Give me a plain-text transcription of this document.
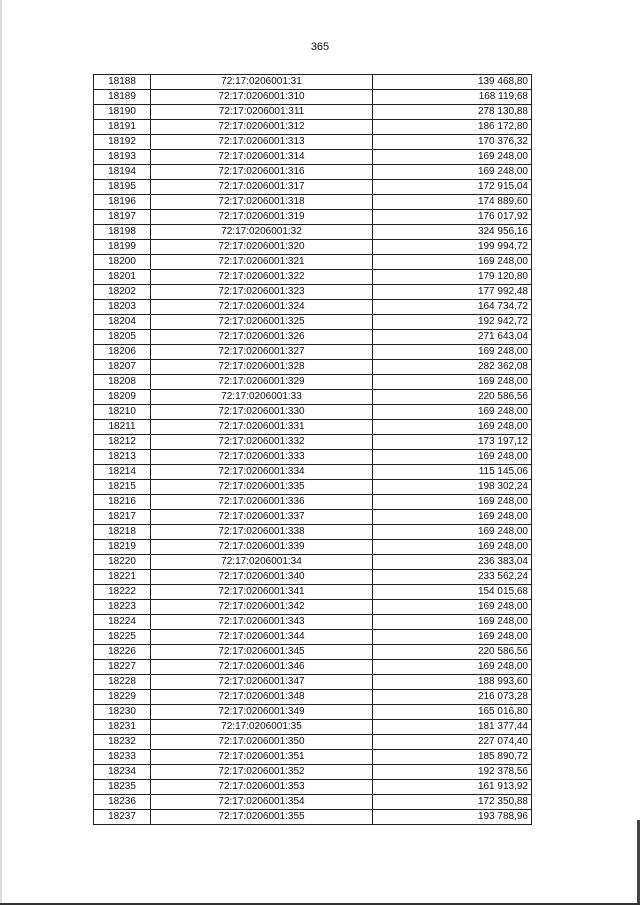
365
18188	72:17:0206001:31	139 468,80
18189	72:17:0206001:310	168 119,68
18190	72:17:0206001:311	278 130,88
18191	72:17:0206001:312	186 172,80
18192	72:17:0206001:313	170 376,32
18193	72:17:0206001:314	169 248,00
18194	72:17:0206001:316	169 248,00
18195	72:17:0206001:317	172 915,04
18196	72:17:0206001:318	174 889,60
18197	72:17:0206001:319	176 017,92
18198	72:17:0206001:32	324 956,16
18199	72:17:0206001:320	199 994,72
18200	72:17:0206001:321	169 248,00
18201	72:17:0206001:322	179 120,80
18202	72:17:0206001:323	177 992,48
18203	72:17:0206001:324	164 734,72
18204	72:17:0206001:325	192 942,72
18205	72:17:0206001:326	271 643,04
18206	72:17:0206001:327	169 248,00
18207	72:17:0206001:328	282 362,08
18208	72:17:0206001:329	169 248,00
18209	72:17:0206001:33	220 586,56
18210	72:17:0206001:330	169 248,00
18211	72:17:0206001:331	169 248,00
18212	72:17:0206001:332	173 197,12
18213	72:17:0206001:333	169 248,00
18214	72:17:0206001:334	115 145,06
18215	72:17:0206001:335	198 302,24
18216	72:17:0206001:336	169 248,00
18217	72:17:0206001:337	169 248,00
18218	72:17:0206001:338	169 248,00
18219	72:17:0206001:339	169 248,00
18220	72:17:0206001:34	236 383,04
18221	72:17:0206001:340	233 562,24
18222	72:17:0206001:341	154 015,68
18223	72:17:0206001:342	169 248,00
18224	72:17:0206001:343	169 248,00
18225	72:17:0206001:344	169 248,00
18226	72:17:0206001:345	220 586,56
18227	72:17:0206001:346	169 248,00
18228	72:17:0206001:347	188 993,60
18229	72:17:0206001:348	216 073,28
18230	72:17:0206001:349	165 016,80
18231	72:17:0206001:35	181 377,44
18232	72:17:0206001:350	227 074,40
18233	72:17:0206001:351	185 890,72
18234	72:17:0206001:352	192 378,56
18235	72:17:0206001:353	161 913,92
18236	72:17:0206001:354	172 350,88
18237	72:17:0206001:355	193 788,96
